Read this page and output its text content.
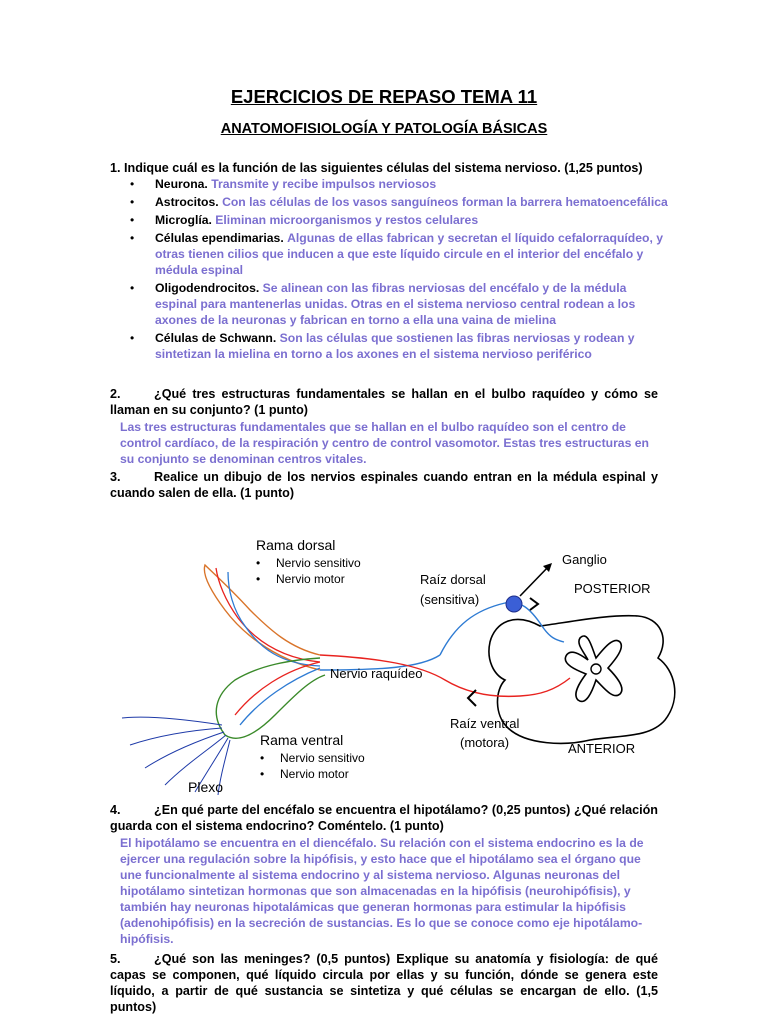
EJERCICIOS DE REPASO TEMA 11
ANATOMOFISIOLOGÍA Y PATOLOGÍA BÁSICAS
1. Indique cuál es la función de las siguientes células del sistema nervioso. (1,25 puntos)
• Neurona. Transmite y recibe impulsos nerviosos
• Astrocitos. Con las células de los vasos sanguíneos forman la barrera hematoencefálica
• Microglía. Eliminan microorganismos y restos celulares
• Células ependimarias. Algunas de ellas fabrican y secretan el líquido cefalorraquídeo, y otras tienen cilios que inducen a que este líquido circule en el interior del encéfalo y médula espinal
• Oligodendrocitos. Se alinean con las fibras nerviosas del encéfalo y de la médula espinal para mantenerlas unidas. Otras en el sistema nervioso central rodean a los axones de la neuronas y fabrican en torno a ella una vaina de mielina
• Células de Schwann. Son las células que sostienen las fibras nerviosas y rodean y sintetizan la mielina en torno a los axones en el sistema nervioso periférico
2.	¿Qué tres estructuras fundamentales se hallan en el bulbo raquídeo y cómo se llaman en su conjunto? (1 punto)
Las tres estructuras fundamentales que se hallan en el bulbo raquídeo son el centro de control cardíaco, de la respiración y centro de control vasomotor. Estas tres estructuras en su conjunto se denominan centros vitales.
3.	Realice un dibujo de los nervios espinales cuando entran en la médula espinal y cuando salen de ella. (1 punto)
Rama dorsal
• Nervio sensitivo
• Nervio motor
Ganglio
Raíz dorsal
(sensitiva)
POSTERIOR
Nervio raquídeo
Raíz ventral
(motora)	ANTERIOR
Rama ventral
• Nervio sensitivo
• Nervio motor
Plexo
4.	¿En qué parte del encéfalo se encuentra el hipotálamo? (0,25 puntos) ¿Qué relación guarda con el sistema endocrino? Coméntelo. (1 punto)
El hipotálamo se encuentra en el diencéfalo. Su relación con el sistema endocrino es la de ejercer una regulación sobre la hipófisis, y esto hace que el hipotálamo sea el órgano que une funcionalmente al sistema endocrino y al sistema nervioso. Algunas neuronas del hipotálamo sintetizan hormonas que son almacenadas en la hipófisis (neurohipófisis), y también hay neuronas hipotalámicas que generan hormonas para estimular la hipófisis (adenohipófisis) en la secreción de sustancias. Es lo que se conoce como eje hipotálamo-hipófisis.
5.	¿Qué son las meninges? (0,5 puntos) Explique su anatomía y fisiología: de qué capas se componen, qué líquido circula por ellas y su función, dónde se genera este líquido, a partir de qué sustancia se sintetiza y qué células se encargan de ello. (1,5 puntos)
